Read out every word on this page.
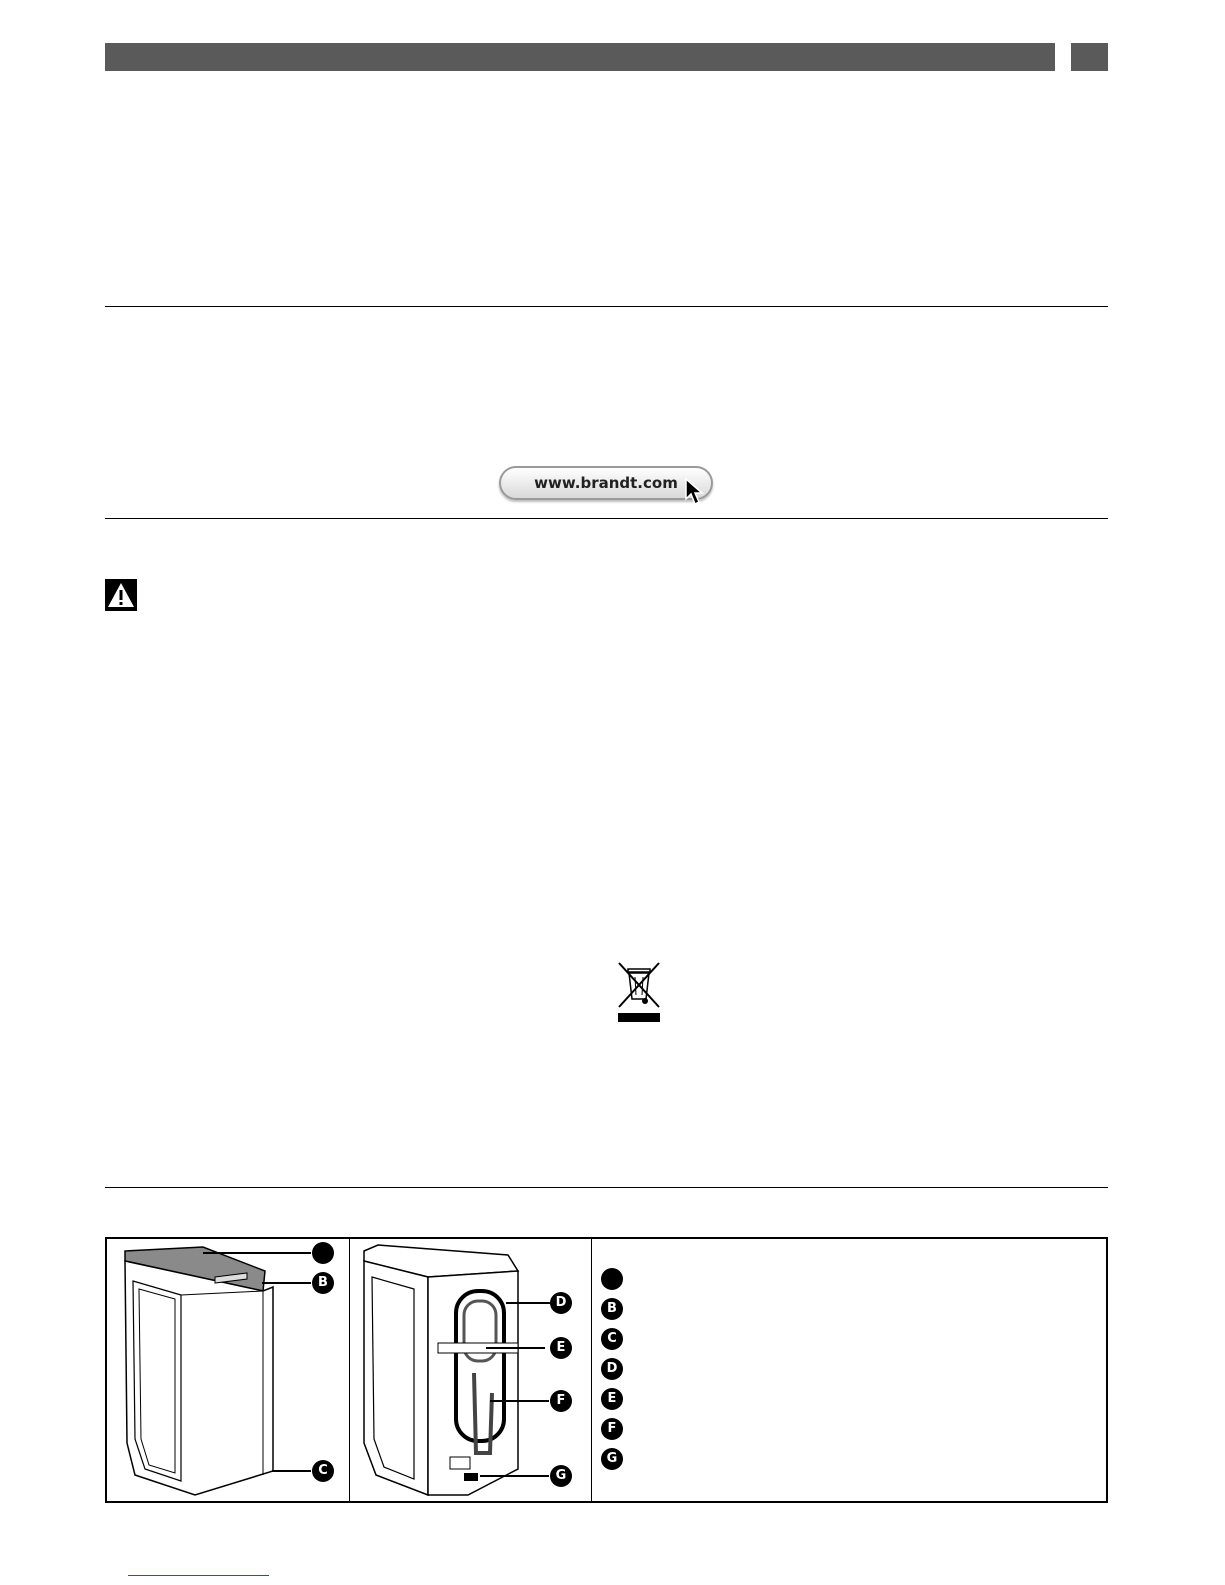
www.brandt.com
B
C
D
E
F
G
B
C
D
E
F
G
